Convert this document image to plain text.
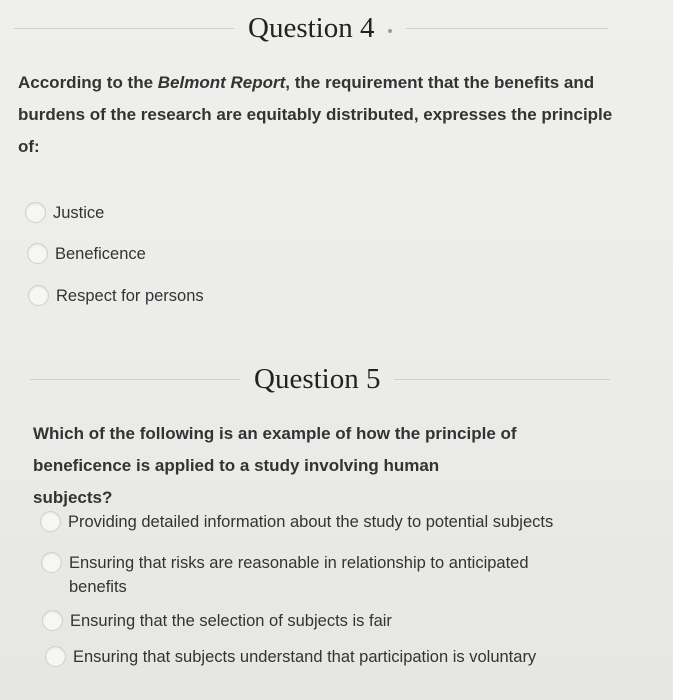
Question 4
According to the Belmont Report, the requirement that the benefits and burdens of the research are equitably distributed, expresses the principle of:
Justice
Beneficence
Respect for persons
Question 5
Which of the following is an example of how the principle of beneficence is applied to a study involving human subjects?
Providing detailed information about the study to potential subjects
Ensuring that risks are reasonable in relationship to anticipated benefits
Ensuring that the selection of subjects is fair
Ensuring that subjects understand that participation is voluntary
